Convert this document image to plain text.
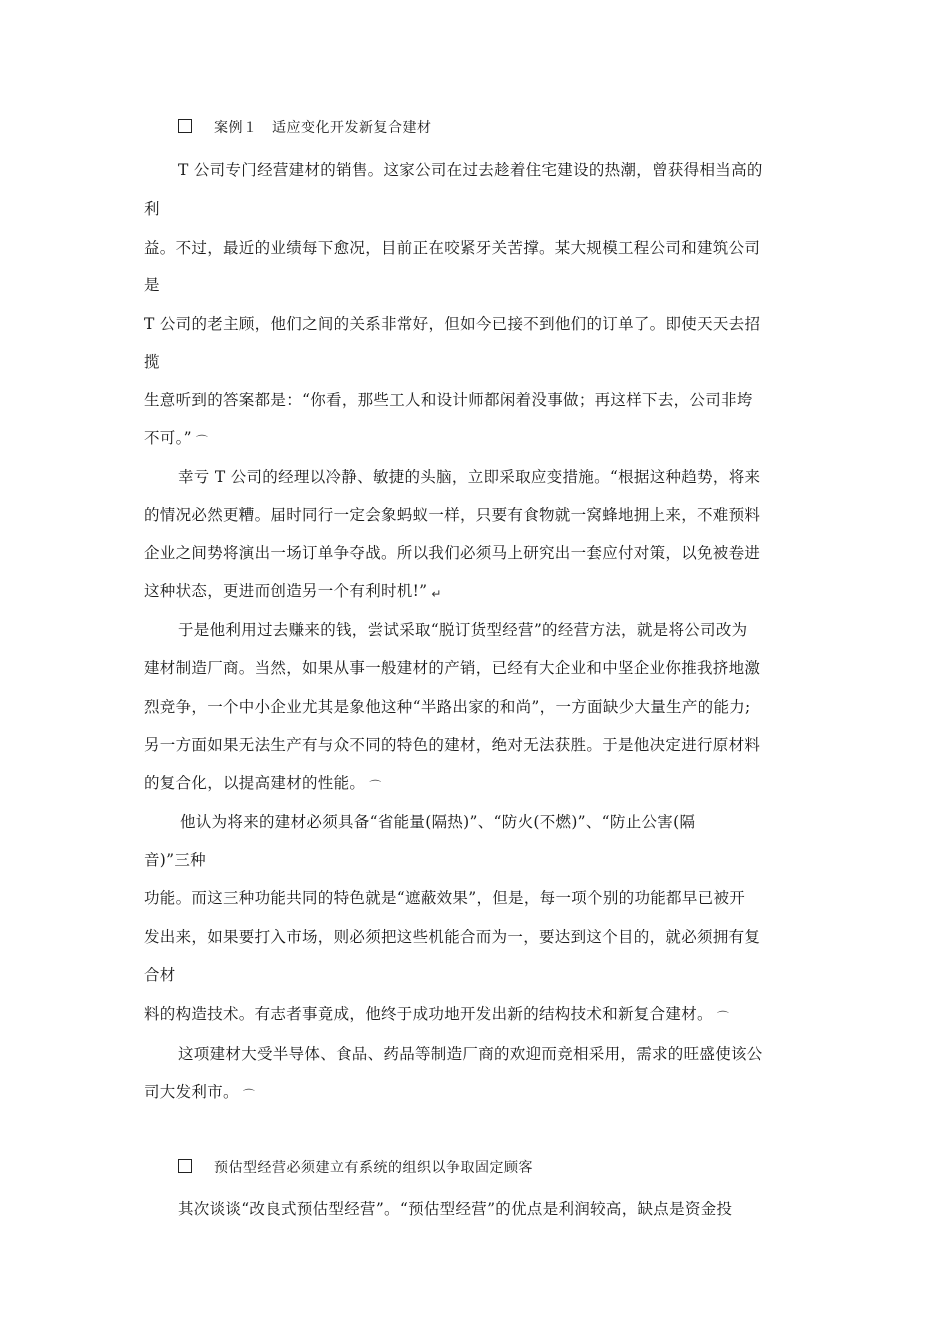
案例１　适应变化开发新复合建材
T 公司专门经营建材的销售。这家公司在过去趁着住宅建设的热潮，曾获得相当高的
利
益。不过，最近的业绩每下愈况，目前正在咬紧牙关苦撑。某大规模工程公司和建筑公司
是
T 公司的老主顾，他们之间的关系非常好，但如今已接不到他们的订单了。即使天天去招
揽
生意听到的答案都是：“你看，那些工人和设计师都闲着没事做；再这样下去，公司非垮
不可。” ⌒
幸亏 T 公司的经理以冷静、敏捷的头脑，立即采取应变措施。“根据这种趋势，将来
的情况必然更糟。届时同行一定会象蚂蚁一样，只要有食物就一窝蜂地拥上来，不难预料
企业之间势将演出一场订单争夺战。所以我们必须马上研究出一套应付对策，以免被卷进
这种状态，更进而创造另一个有利时机!” ↵
于是他利用过去赚来的钱，尝试采取“脱订货型经营”的经营方法，就是将公司改为
建材制造厂商。当然，如果从事一般建材的产销，已经有大企业和中坚企业你推我挤地激
烈竞争，一个中小企业尤其是象他这种“半路出家的和尚”，一方面缺少大量生产的能力;
另一方面如果无法生产有与众不同的特色的建材，绝对无法获胜。于是他决定进行原材料
的复合化，以提高建材的性能。 ⌒
他认为将来的建材必须具备“省能量(隔热)”、“防火(不燃)”、“防止公害(隔
音)”三种
功能。而这三种功能共同的特色就是“遮蔽效果”，但是，每一项个别的功能都早已被开
发出来，如果要打入市场，则必须把这些机能合而为一，要达到这个目的，就必须拥有复
合材
料的构造技术。有志者事竟成，他终于成功地开发出新的结构技术和新复合建材。 ⌒
这项建材大受半导体、食品、药品等制造厂商的欢迎而竞相采用，需求的旺盛使该公
司大发利市。 ⌒
预估型经营必须建立有系统的组织以争取固定顾客
其次谈谈“改良式预估型经营”。“预估型经营”的优点是利润较高，缺点是资金投
